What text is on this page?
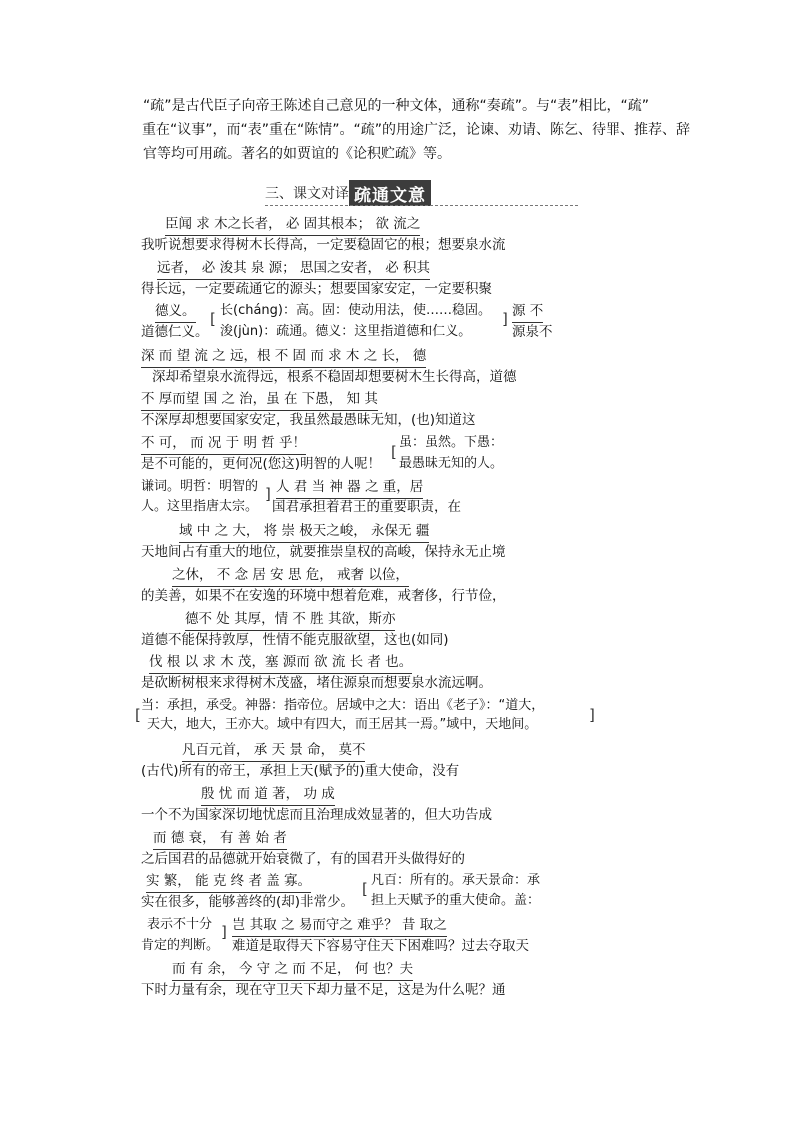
“疏”是古代臣子向帝王陈述自己意见的一种文体，通称“奏疏”。与“表”相比，“疏”
重在“议事”，而“表”重在“陈情”。“疏”的用途广泛，论谏、劝请、陈乞、待罪、推荐、辞
官等均可用疏。著名的如贾谊的《论积贮疏》等。
三、课文对译 疏通文意
臣闻 求 木之长者， 必 固其根本； 欲 流之
我听说想要求得树木长得高，一定要稳固它的根；想要泉水流
远者， 必 浚其 泉 源； 思国之安者， 必 积其
得长远，一定要疏通它的源头；想要国家安定，一定要积聚
德义。
道德仁义。
[ 长(cháng)：高。固：使动用法，使……稳固。
浚(jùn)：疏通。德义：这里指道德和仁义。
] 源 不
源泉不
深 而 望 流 之 远，根 不 固 而 求 木 之 长， 德
深却希望泉水流得远，根系不稳固却想要树木生长得高，道德
不 厚而望 国 之 治，虽 在 下愚， 知 其
不深厚却想要国家安定，我虽然最愚昧无知，(也)知道这
不 可， 而 况 于 明 哲 乎！
是不可能的，更何况(您这)明智的人呢！
[
虽：虽然。下愚：
最愚昧无知的人。
谦词。明哲：明智的
人。这里指唐太宗。
] 人 君 当 神 器 之 重，居
国君承担着君王的重要职责，在
域 中 之 大， 将 崇 极天之峻， 永保无 疆
天地间占有重大的地位，就要推崇皇权的高峻，保持永无止境
之休， 不 念 居 安 思 危， 戒奢 以俭，
的美善，如果不在安逸的环境中想着危难，戒奢侈，行节俭，
德不 处 其厚，情 不 胜 其欲，斯亦
道德不能保持敦厚，性情不能克服欲望，这也(如同)
伐 根 以 求 木 茂，塞 源而 欲 流 长 者 也。
是砍断树根来求得树木茂盛，堵住源泉而想要泉水流远啊。
[
当：承担，承受。神器：指帝位。居域中之大：语出《老子》：“道大，
天大，地大，王亦大。域中有四大，而王居其一焉。”域中，天地间。
]
凡百元首， 承 天 景 命， 莫不
(古代)所有的帝王，承担上天(赋予的)重大使命，没有
殷 忧 而 道 著， 功 成
一个不为国家深切地忧虑而且治理成效显著的，但大功告成
而 德 衰， 有 善 始 者
之后国君的品德就开始衰微了，有的国君开头做得好的
实 繁， 能 克 终 者 盖 寡。
实在很多，能够善终的(却)非常少。
[ 凡百：所有的。承天景命：承
担上天赋予的重大使命。盖：
表示不十分
肯定的判断。
] 岂 其取 之 易而守之 难乎？ 昔 取之
难道是取得天下容易守住天下困难吗？过去夺取天
而 有 余， 今 守 之 而 不足， 何 也？夫
下时力量有余，现在守卫天下却力量不足，这是为什么呢？通
